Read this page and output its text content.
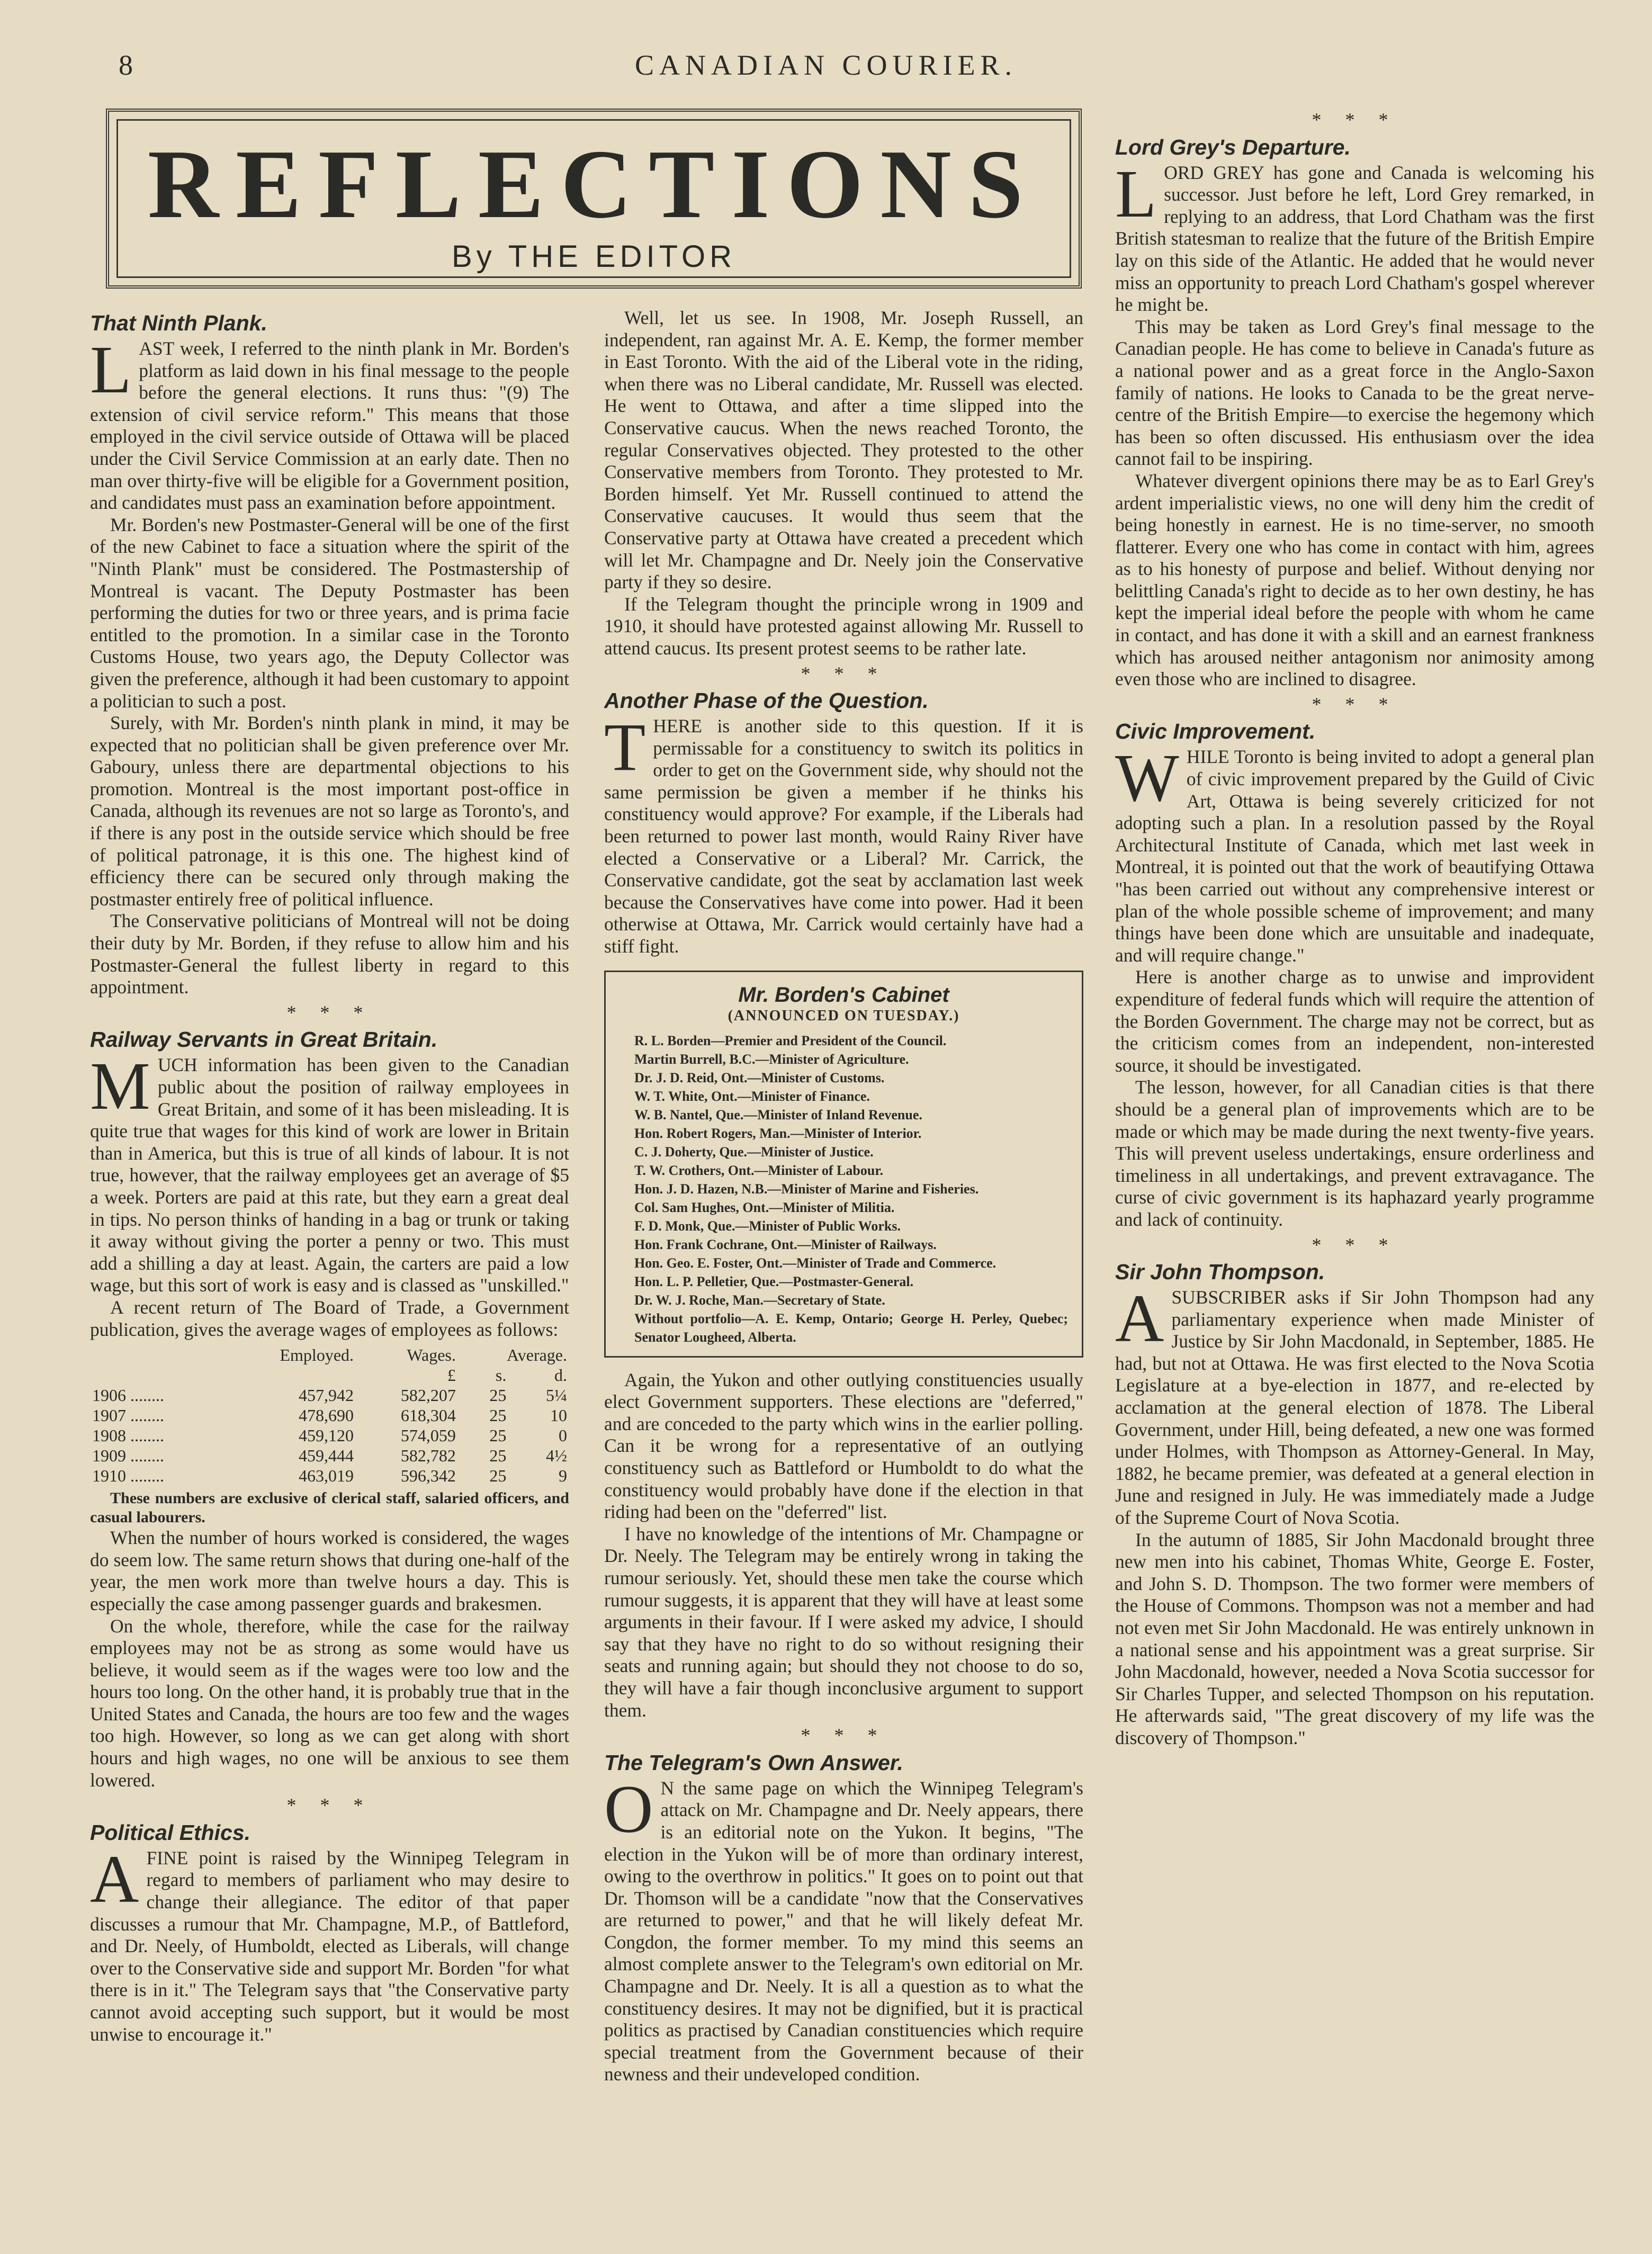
8	CANADIAN COURIER.
REFLECTIONS
By THE EDITOR
That Ninth Plank.

LAST week, I referred to the ninth plank in Mr. Borden's platform as laid down in his final message to the people before the general elections. It runs thus: "(9) The extension of civil service reform." This means that those employed in the civil service outside of Ottawa will be placed under the Civil Service Commission at an early date. Then no man over thirty-five will be eligible for a Government position, and candidates must pass an examination before appointment.

Mr. Borden's new Postmaster-General will be one of the first of the new Cabinet to face a situation where the spirit of the "Ninth Plank" must be considered. The Postmastership of Montreal is vacant. The Deputy Postmaster has been performing the duties for two or three years, and is prima facie entitled to the promotion. In a similar case in the Toronto Customs House, two years ago, the Deputy Collector was given the preference, although it had been customary to appoint a politician to such a post.

Surely, with Mr. Borden's ninth plank in mind, it may be expected that no politician shall be given preference over Mr. Gaboury, unless there are departmental objections to his promotion. Montreal is the most important post-office in Canada, although its revenues are not so large as Toronto's, and if there is any post in the outside service which should be free of political patronage, it is this one. The highest kind of efficiency there can be secured only through making the postmaster entirely free of political influence.

The Conservative politicians of Montreal will not be doing their duty by Mr. Borden, if they refuse to allow him and his Postmaster-General the fullest liberty in regard to this appointment.

* * *
Railway Servants in Great Britain.

MUCH information has been given to the Canadian public about the position of railway employees in Great Britain, and some of it has been misleading. It is quite true that wages for this kind of work are lower in Britain than in America, but this is true of all kinds of labour. It is not true, however, that the railway employees get an average of $5 a week. Porters are paid at this rate, but they earn a great deal in tips. No person thinks of handing in a bag or trunk or taking it away without giving the porter a penny or two. This must add a shilling a day at least. Again, the carters are paid a low wage, but this sort of work is easy and is classed as "unskilled."

A recent return of The Board of Trade, a Government publication, gives the average wages of employees as follows:

	Employed.	Wages.	Average.	
		£	s.	d.
1906 ........	457,942	582,207	25	5¼
1907 ........	478,690	618,304	25	10
1908 ........	459,120	574,059	25	0
1909 ........	459,444	582,782	25	4½
1910 ........	463,019	596,342	25	9

These numbers are exclusive of clerical staff, salaried officers, and casual labourers.

When the number of hours worked is considered, the wages do seem low. The same return shows that during one-half of the year, the men work more than twelve hours a day. This is especially the case among passenger guards and brakesmen.

On the whole, therefore, while the case for the railway employees may not be as strong as some would have us believe, it would seem as if the wages were too low and the hours too long. On the other hand, it is probably true that in the United States and Canada, the hours are too few and the wages too high. However, so long as we can get along with short hours and high wages, no one will be anxious to see them lowered.

* * *
Political Ethics.

AFINE point is raised by the Winnipeg Telegram in regard to members of parliament who may desire to change their allegiance. The editor of that paper discusses a rumour that Mr. Champagne, M.P., of Battleford, and Dr. Neely, of Humboldt, elected as Liberals, will change over to the Conservative side and support Mr. Borden "for what there is in it." The Telegram says that "the Conservative party cannot avoid accepting such support, but it would be most unwise to encourage it."

Well, let us see. In 1908, Mr. Joseph Russell, an independent, ran against Mr. A. E. Kemp, the former member in East Toronto. With the aid of the Liberal vote in the riding, when there was no Liberal candidate, Mr. Russell was elected. He went to Ottawa, and after a time slipped into the Conservative caucus. When the news reached Toronto, the regular Conservatives objected. They protested to the other Conservative members from Toronto. They protested to Mr. Borden himself. Yet Mr. Russell continued to attend the Conservative caucuses. It would thus seem that the Conservative party at Ottawa have created a precedent which will let Mr. Champagne and Dr. Neely join the Conservative party if they so desire.

If the Telegram thought the principle wrong in 1909 and 1910, it should have protested against allowing Mr. Russell to attend caucus. Its present protest seems to be rather late.

* * *
Another Phase of the Question.

THERE is another side to this question. If it is permissable for a constituency to switch its politics in order to get on the Government side, why should not the same permission be given a member if he thinks his constituency would approve? For example, if the Liberals had been returned to power last month, would Rainy River have elected a Conservative or a Liberal? Mr. Carrick, the Conservative candidate, got the seat by acclamation last week because the Conservatives have come into power. Had it been otherwise at Ottawa, Mr. Carrick would certainly have had a stiff fight.

Mr. Borden's Cabinet
(ANNOUNCED ON TUESDAY.)

R. L. Borden—Premier and President of the Council.

Martin Burrell, B.C.—Minister of Agriculture.

Dr. J. D. Reid, Ont.—Minister of Customs.

W. T. White, Ont.—Minister of Finance.

W. B. Nantel, Que.—Minister of Inland Revenue.

Hon. Robert Rogers, Man.—Minister of Interior.

C. J. Doherty, Que.—Minister of Justice.

T. W. Crothers, Ont.—Minister of Labour.

Hon. J. D. Hazen, N.B.—Minister of Marine and Fisheries.

Col. Sam Hughes, Ont.—Minister of Militia.

F. D. Monk, Que.—Minister of Public Works.

Hon. Frank Cochrane, Ont.—Minister of Railways.

Hon. Geo. E. Foster, Ont.—Minister of Trade and Commerce.

Hon. L. P. Pelletier, Que.—Postmaster-General.

Dr. W. J. Roche, Man.—Secretary of State.

Without portfolio—A. E. Kemp, Ontario; George H. Perley, Quebec; Senator Lougheed, Alberta.

Again, the Yukon and other outlying constituencies usually elect Government supporters. These elections are "deferred," and are conceded to the party which wins in the earlier polling. Can it be wrong for a representative of an outlying constituency such as Battleford or Humboldt to do what the constituency would probably have done if the election in that riding had been on the "deferred" list.

I have no knowledge of the intentions of Mr. Champagne or Dr. Neely. The Telegram may be entirely wrong in taking the rumour seriously. Yet, should these men take the course which rumour suggests, it is apparent that they will have at least some arguments in their favour. If I were asked my advice, I should say that they have no right to do so without resigning their seats and running again; but should they not choose to do so, they will have a fair though inconclusive argument to support them.

* * *
The Telegram's Own Answer.

O N the same page on which the Winnipeg Telegram's attack on Mr. Champagne and Dr. Neely appears, there is an editorial note on the Yukon. It begins, "The election in the Yukon will be of more than ordinary interest, owing to the overthrow in politics." It goes on to point out that Dr. Thomson will be a candidate "now that the Conservatives are returned to power," and that he will likely defeat Mr. Congdon, the former member. To my mind this seems an almost complete answer to the Telegram's own editorial on Mr. Champagne and Dr. Neely. It is all a question as to what the constituency desires. It may not be dignified, but it is practical politics as practised by Canadian constituencies which require special treatment from the Government because of their newness and their undeveloped condition.

* * *
Lord Grey's Departure.

LORD GREY has gone and Canada is welcoming his successor. Just before he left, Lord Grey remarked, in replying to an address, that Lord Chatham was the first British statesman to realize that the future of the British Empire lay on this side of the Atlantic. He added that he would never miss an opportunity to preach Lord Chatham's gospel wherever he might be.

This may be taken as Lord Grey's final message to the Canadian people. He has come to believe in Canada's future as a national power and as a great force in the Anglo-Saxon family of nations. He looks to Canada to be the great nerve-centre of the British Empire—to exercise the hegemony which has been so often discussed. His enthusiasm over the idea cannot fail to be inspiring.

Whatever divergent opinions there may be as to Earl Grey's ardent imperialistic views, no one will deny him the credit of being honestly in earnest. He is no time-server, no smooth flatterer. Every one who has come in contact with him, agrees as to his honesty of purpose and belief. Without denying nor belittling Canada's right to decide as to her own destiny, he has kept the imperial ideal before the people with whom he came in contact, and has done it with a skill and an earnest frankness which has aroused neither antagonism nor animosity among even those who are inclined to disagree.

* * *
Civic Improvement.

WHILE Toronto is being invited to adopt a general plan of civic improvement prepared by the Guild of Civic Art, Ottawa is being severely criticized for not adopting such a plan. In a resolution passed by the Royal Architectural Institute of Canada, which met last week in Montreal, it is pointed out that the work of beautifying Ottawa "has been carried out without any comprehensive interest or plan of the whole possible scheme of improvement; and many things have been done which are unsuitable and inadequate, and will require change."

Here is another charge as to unwise and improvident expenditure of federal funds which will require the attention of the Borden Government. The charge may not be correct, but as the criticism comes from an independent, non-interested source, it should be investigated.

The lesson, however, for all Canadian cities is that there should be a general plan of improvements which are to be made or which may be made during the next twenty-five years. This will prevent useless undertakings, ensure orderliness and timeliness in all undertakings, and prevent extravagance. The curse of civic government is its haphazard yearly programme and lack of continuity.

* * *
Sir John Thompson.

ASUBSCRIBER asks if Sir John Thompson had any parliamentary experience when made Minister of Justice by Sir John Macdonald, in September, 1885. He had, but not at Ottawa. He was first elected to the Nova Scotia Legislature at a bye-election in 1877, and re-elected by acclamation at the general election of 1878. The Liberal Government, under Hill, being defeated, a new one was formed under Holmes, with Thompson as Attorney-General. In May, 1882, he became premier, was defeated at a general election in June and resigned in July. He was immediately made a Judge of the Supreme Court of Nova Scotia.

In the autumn of 1885, Sir John Macdonald brought three new men into his cabinet, Thomas White, George E. Foster, and John S. D. Thompson. The two former were members of the House of Commons. Thompson was not a member and had not even met Sir John Macdonald. He was entirely unknown in a national sense and his appointment was a great surprise. Sir John Macdonald, however, needed a Nova Scotia successor for Sir Charles Tupper, and selected Thompson on his reputation. He afterwards said, "The great discovery of my life was the discovery of Thompson."
